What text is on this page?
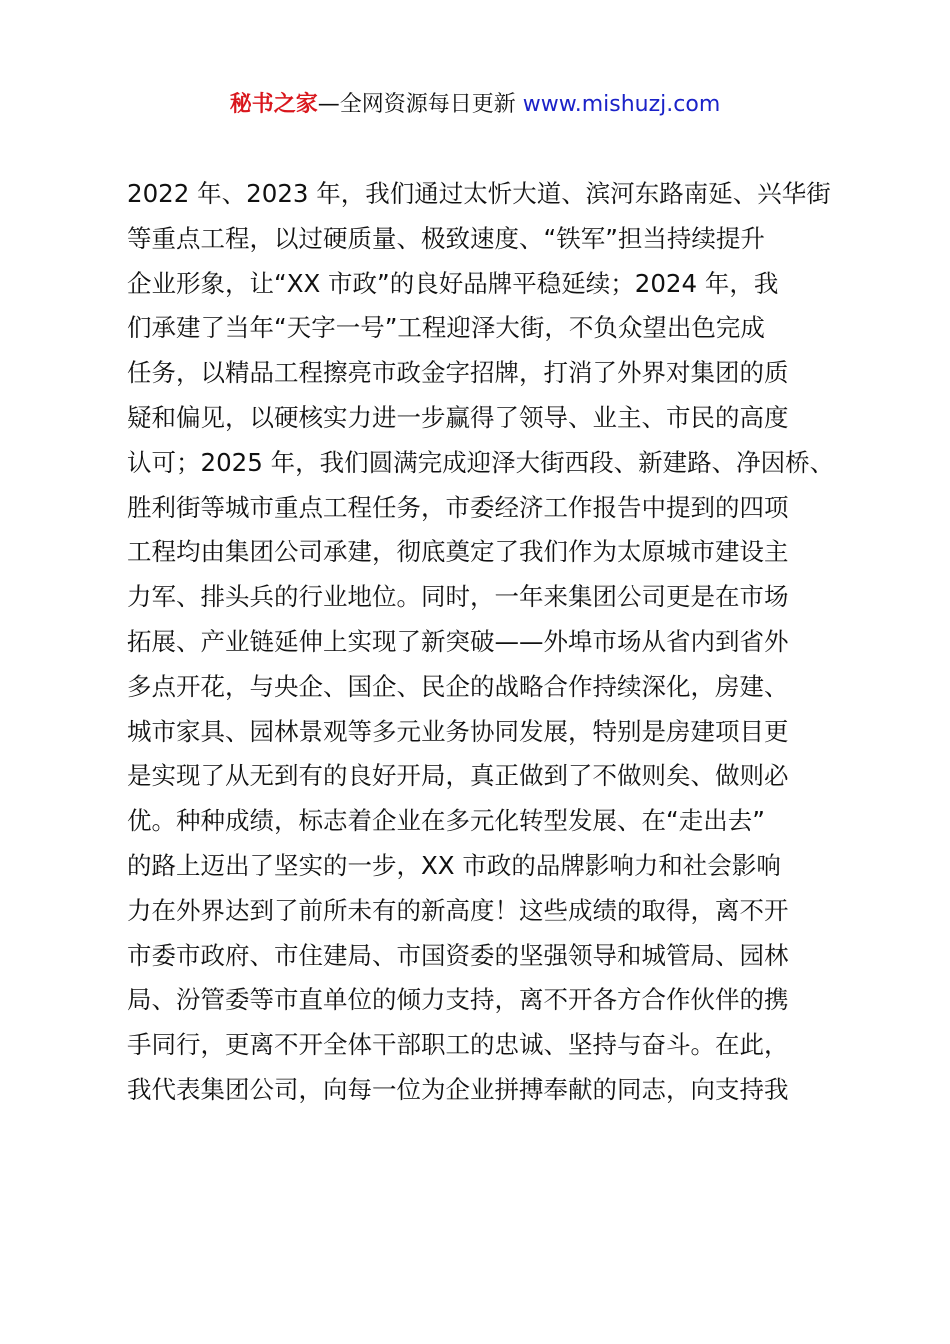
秘书之家—全网资源每日更新 www.mishuzj.com
2022 年、2023 年，我们通过太忻大道、滨河东路南延、兴华街
等重点工程，以过硬质量、极致速度、“铁军”担当持续提升
企业形象，让“XX 市政”的良好品牌平稳延续；2024 年，我
们承建了当年“天字一号”工程迎泽大街，不负众望出色完成
任务，以精品工程擦亮市政金字招牌，打消了外界对集团的质
疑和偏见，以硬核实力进一步赢得了领导、业主、市民的高度
认可；2025 年，我们圆满完成迎泽大街西段、新建路、净因桥、
胜利街等城市重点工程任务，市委经济工作报告中提到的四项
工程均由集团公司承建，彻底奠定了我们作为太原城市建设主
力军、排头兵的行业地位。同时，一年来集团公司更是在市场
拓展、产业链延伸上实现了新突破——外埠市场从省内到省外
多点开花，与央企、国企、民企的战略合作持续深化，房建、
城市家具、园林景观等多元业务协同发展，特别是房建项目更
是实现了从无到有的良好开局，真正做到了不做则矣、做则必
优。种种成绩，标志着企业在多元化转型发展、在“走出去”
的路上迈出了坚实的一步，XX 市政的品牌影响力和社会影响
力在外界达到了前所未有的新高度！这些成绩的取得，离不开
市委市政府、市住建局、市国资委的坚强领导和城管局、园林
局、汾管委等市直单位的倾力支持，离不开各方合作伙伴的携
手同行，更离不开全体干部职工的忠诚、坚持与奋斗。在此，
我代表集团公司，向每一位为企业拼搏奉献的同志，向支持我
